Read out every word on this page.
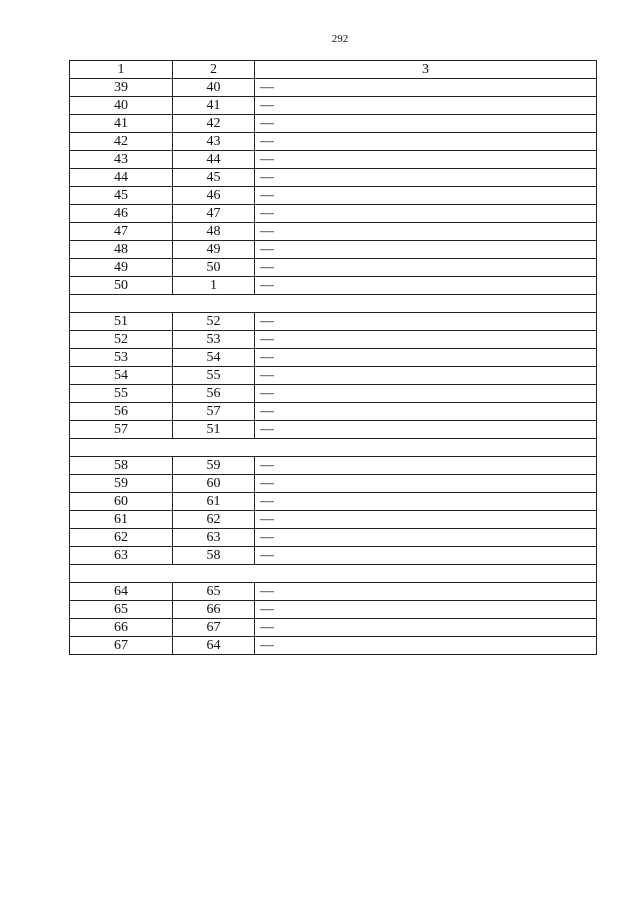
292
1	2	3
39	40	—
40	41	—
41	42	—
42	43	—
43	44	—
44	45	—
45	46	—
46	47	—
47	48	—
48	49	—
49	50	—
50	1	—

51	52	—
52	53	—
53	54	—
54	55	—
55	56	—
56	57	—
57	51	—

58	59	—
59	60	—
60	61	—
61	62	—
62	63	—
63	58	—

64	65	—
65	66	—
66	67	—
67	64	—
